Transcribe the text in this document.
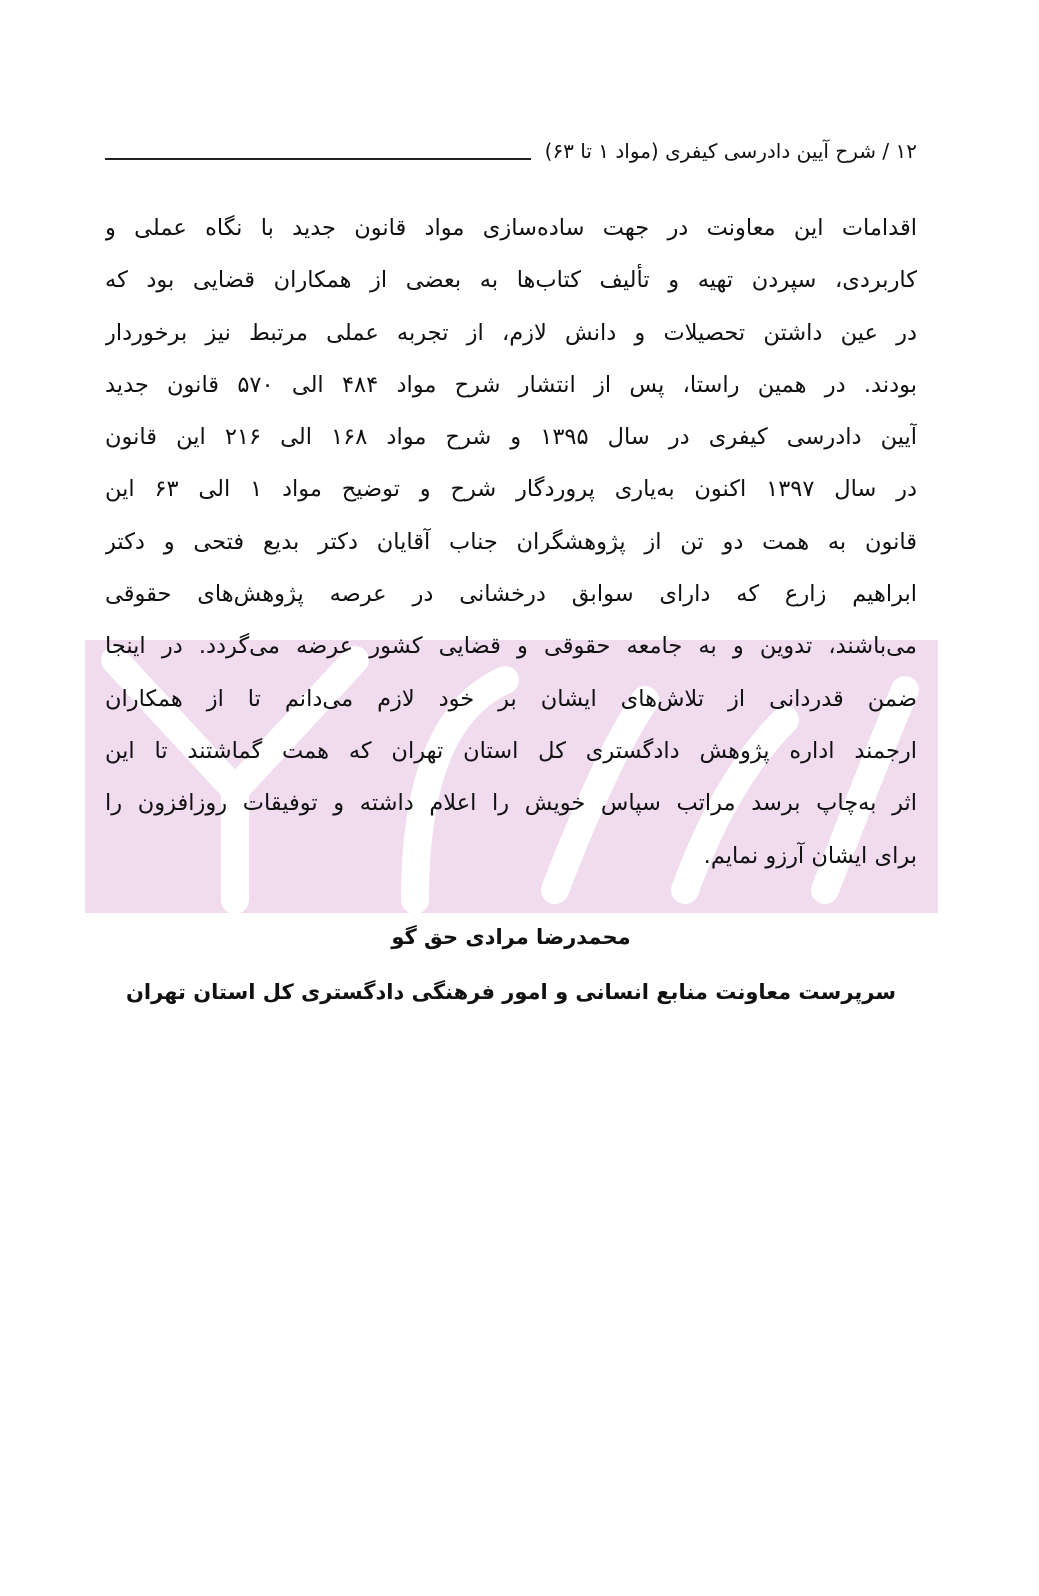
۱۲ / شرح آیین دادرسی کیفری (مواد ۱ تا ۶۳)
اقدامات این معاونت در جهت ساده‌سازی مواد قانون جدید با نگاه عملی و
کاربردی، سپردن تهیه و تألیف کتاب‌ها به بعضی از همکاران قضایی بود که
در عین داشتن تحصیلات و دانش لازم، از تجربه عملی مرتبط نیز برخوردار
بودند. در همین راستا، پس از انتشار شرح مواد ۴۸۴ الی ۵۷۰ قانون جدید
آیین دادرسی کیفری در سال ۱۳۹۵ و شرح مواد ۱۶۸ الی ۲۱۶ این قانون
در سال ۱۳۹۷ اکنون به‌یاری پروردگار شرح و توضیح مواد ۱ الی ۶۳ این
قانون به همت دو تن از پژوهشگران جناب آقایان دکتر بدیع فتحی و دکتر
ابراهیم زارع که دارای سوابق درخشانی در عرصه پژوهش‌های حقوقی
می‌باشند، تدوین و به جامعه حقوقی و قضایی کشور عرضه می‌گردد. در اینجا
ضمن قدردانی از تلاش‌های ایشان بر خود لازم می‌دانم تا از همکاران
ارجمند اداره پژوهش دادگستری کل استان تهران که همت گماشتند تا این
اثر به‌چاپ برسد مراتب سپاس خویش را اعلام داشته و توفیقات روزافزون را
برای ایشان آرزو نمایم.
محمدرضا مرادی حق گو
سرپرست معاونت منابع انسانی و امور فرهنگی دادگستری کل استان تهران
